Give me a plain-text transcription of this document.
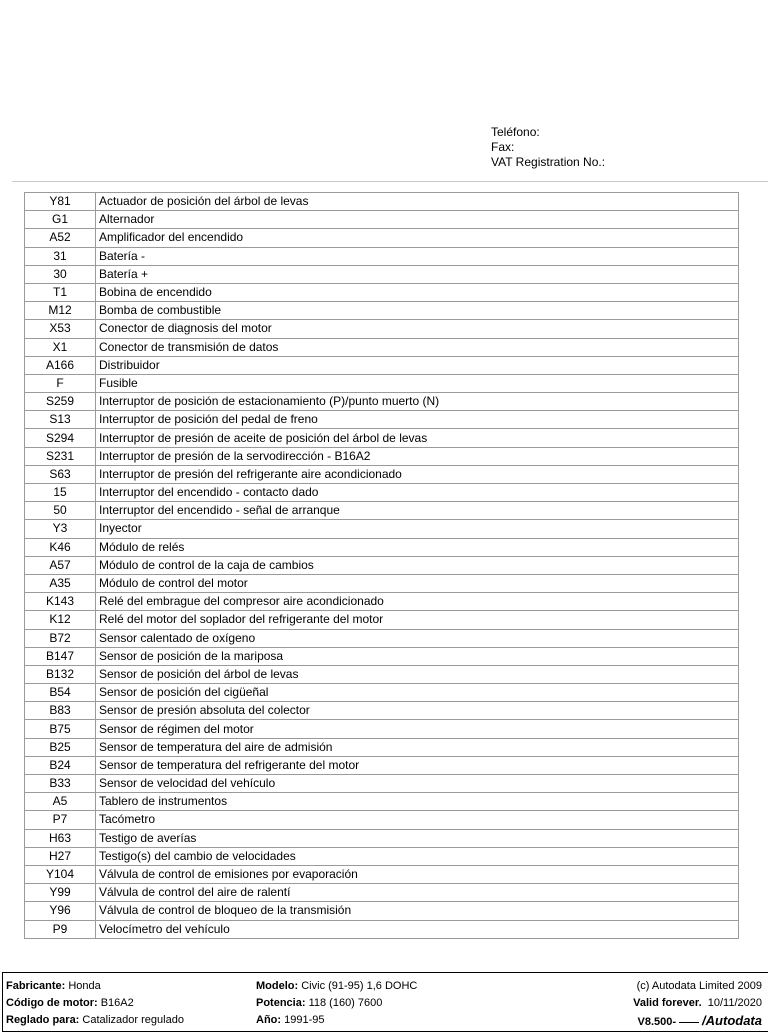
Teléfono:
Fax:
VAT Registration No.:
Y81	Actuador de posición del árbol de levas
G1	Alternador
A52	Amplificador del encendido
31	Batería -
30	Batería +
T1	Bobina de encendido
M12	Bomba de combustible
X53	Conector de diagnosis del motor
X1	Conector de transmisión de datos
A166	Distribuidor
F	Fusible
S259	Interruptor de posición de estacionamiento (P)/punto muerto (N)
S13	Interruptor de posición del pedal de freno
S294	Interruptor de presión de aceite de posición del árbol de levas
S231	Interruptor de presión de la servodirección - B16A2
S63	Interruptor de presión del refrigerante aire acondicionado
15	Interruptor del encendido - contacto dado
50	Interruptor del encendido - señal de arranque
Y3	Inyector
K46	Módulo de relés
A57	Módulo de control de la caja de cambios
A35	Módulo de control del motor
K143	Relé del embrague del compresor aire acondicionado
K12	Relé del motor del soplador del refrigerante del motor
B72	Sensor calentado de oxígeno
B147	Sensor de posición de la mariposa
B132	Sensor de posición del árbol de levas
B54	Sensor de posición del cigüeñal
B83	Sensor de presión absoluta del colector
B75	Sensor de régimen del motor
B25	Sensor de temperatura del aire de admisión
B24	Sensor de temperatura del refrigerante del motor
B33	Sensor de velocidad del vehículo
A5	Tablero de instrumentos
P7	Tacómetro
H63	Testigo de averías
H27	Testigo(s) del cambio de velocidades
Y104	Válvula de control de emisiones por evaporación
Y99	Válvula de control del aire de ralentí
Y96	Válvula de control de bloqueo de la transmisión
P9	Velocímetro del vehículo
Fabricante: Honda
Código de motor: B16A2
Reglado para: Catalizador regulado
Modelo: Civic (91-95) 1,6 DOHC
Potencia: 118 (160) 7600
Año: 1991-95
(c) Autodata Limited 2009
Valid forever. 10/11/2020
V8.500- /Autodata
